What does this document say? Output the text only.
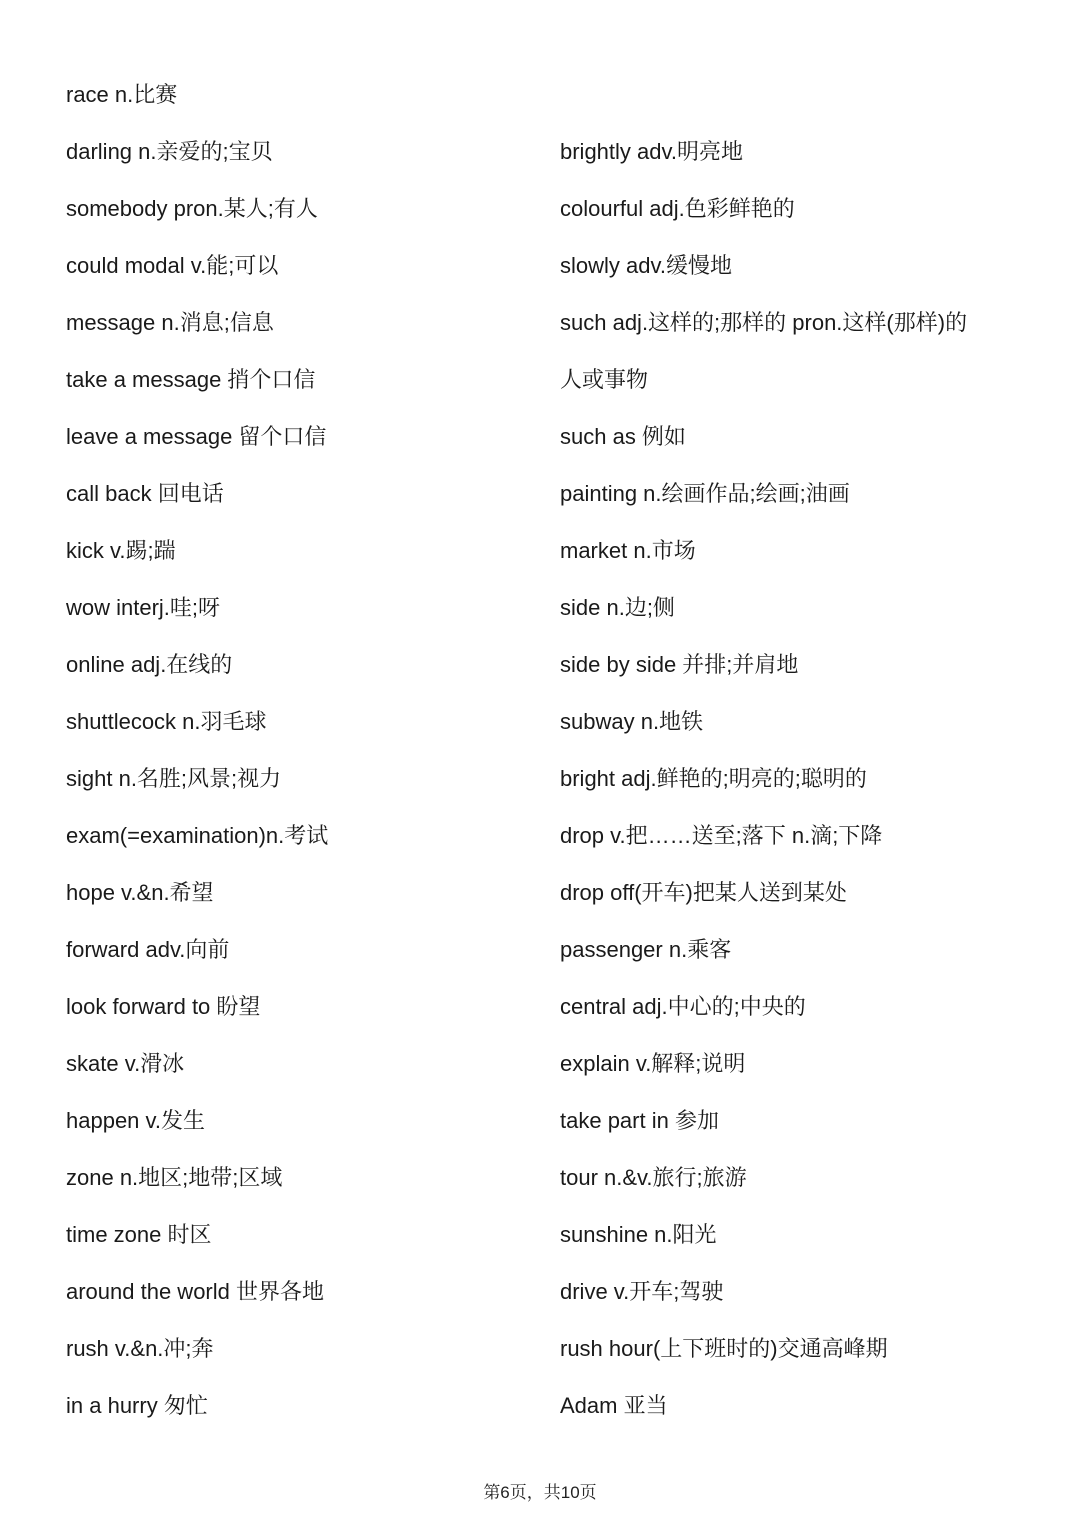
race n.比赛
darling n.亲爱的;宝贝
somebody pron.某人;有人
could modal v.能;可以
message n.消息;信息
take a message 捎个口信
leave a message 留个口信
call back 回电话
kick v.踢;踹
wow interj.哇;呀
online adj.在线的
shuttlecock n.羽毛球
sight n.名胜;风景;视力
exam(=examination)n.考试
hope v.&n.希望
forward adv.向前
look forward to 盼望
skate v.滑冰
happen v.发生
zone n.地区;地带;区域
time zone 时区
around the world 世界各地
rush v.&n.冲;奔
in a hurry 匆忙
brightly adv.明亮地
colourful adj.色彩鲜艳的
slowly adv.缓慢地
such adj.这样的;那样的 pron.这样(那样)的
人或事物
such as 例如
painting n.绘画作品;绘画;油画
market n.市场
side n.边;侧
side by side 并排;并肩地
subway n.地铁
bright adj.鲜艳的;明亮的;聪明的
drop v.把……送至;落下 n.滴;下降
drop off(开车)把某人送到某处
passenger n.乘客
central adj.中心的;中央的
explain v.解释;说明
take part in 参加
tour n.&v.旅行;旅游
sunshine n.阳光
drive v.开车;驾驶
rush hour(上下班时的)交通高峰期
Adam 亚当
第6页，共10页
